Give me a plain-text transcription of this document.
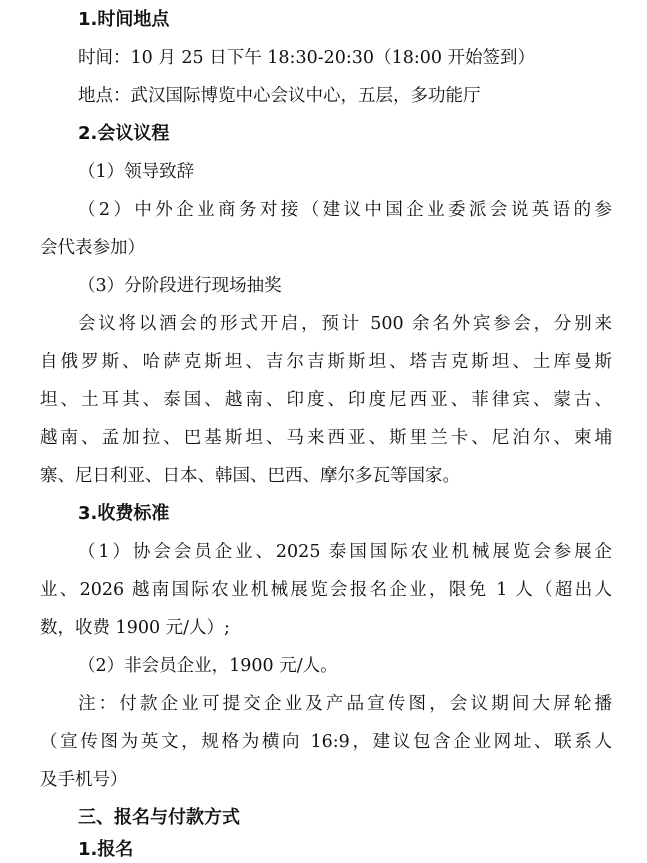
1.时间地点
时间：10 月 25 日下午 18:30-20:30（18:00 开始签到）
地点：武汉国际博览中心会议中心，五层，多功能厅
2.会议议程
（1）领导致辞
（2）中外企业商务对接（建议中国企业委派会说英语的参
会代表参加）
（3）分阶段进行现场抽奖
会议将以酒会的形式开启，预计 500 余名外宾参会，分别来
自俄罗斯、哈萨克斯坦、吉尔吉斯斯坦、塔吉克斯坦、土库曼斯
坦、土耳其、泰国、越南、印度、印度尼西亚、菲律宾、蒙古、
越南、孟加拉、巴基斯坦、马来西亚、斯里兰卡、尼泊尔、柬埔
寨、尼日利亚、日本、韩国、巴西、摩尔多瓦等国家。
3.收费标准
（1）协会会员企业、2025 泰国国际农业机械展览会参展企
业、2026 越南国际农业机械展览会报名企业，限免 1 人（超出人
数，收费 1900 元/人）;
（2）非会员企业，1900 元/人。
注：付款企业可提交企业及产品宣传图，会议期间大屏轮播
（宣传图为英文，规格为横向 16:9，建议包含企业网址、联系人
及手机号）
三、报名与付款方式
1.报名
